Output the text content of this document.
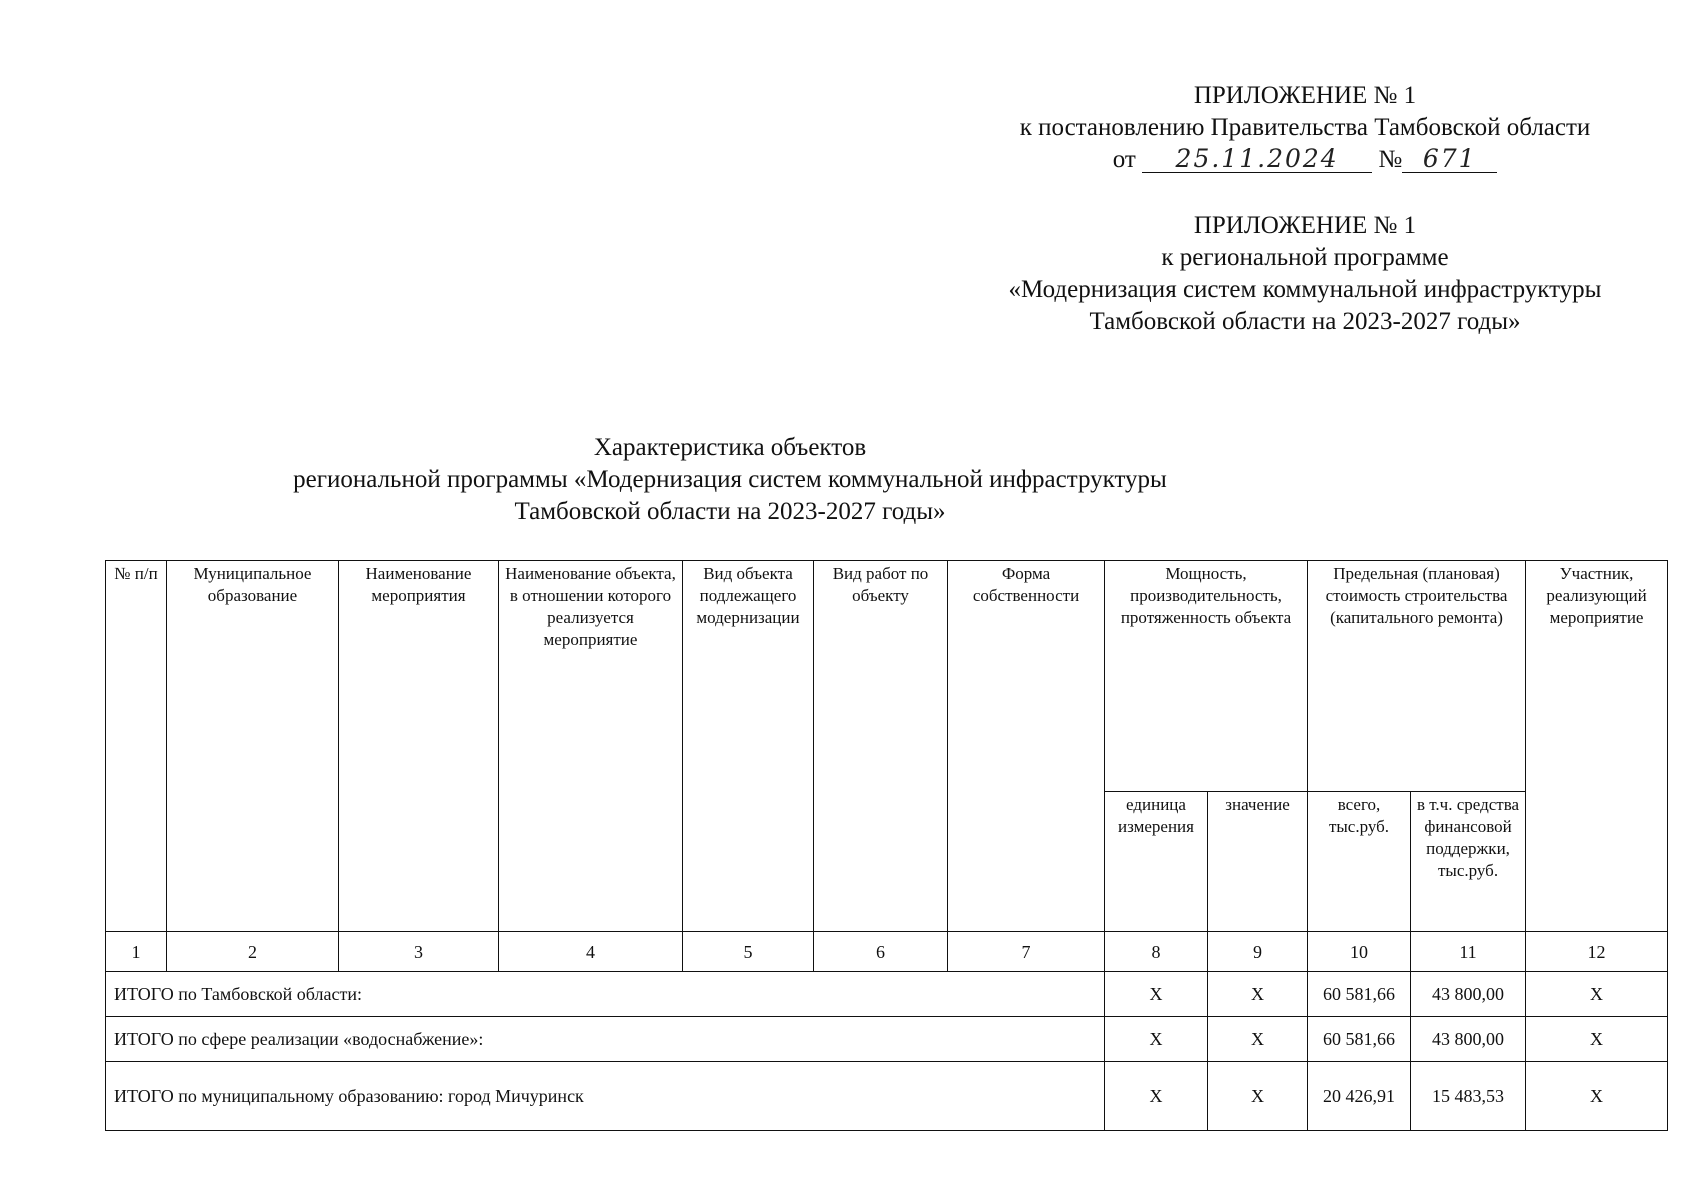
ПРИЛОЖЕНИЕ № 1
к постановлению Правительства Тамбовской области
от 25.11.2024 № 671
ПРИЛОЖЕНИЕ № 1
к региональной программе
«Модернизация систем коммунальной инфраструктуры
Тамбовской области на 2023-2027 годы»
Характеристика объектов
региональной программы «Модернизация систем коммунальной инфраструктуры
Тамбовской области на 2023-2027 годы»
№ п/п	Муниципальное образование	Наименование мероприятия	Наименование объекта, в отношении которого реализуется мероприятие	Вид объекта подлежащего модернизации	Вид работ по объекту	Форма собственности	Мощность, производительность, протяженность объекта		Предельная (плановая) стоимость строительства (капитального ремонта)		Участник, реализующий мероприятие
							единица измерения	значение	всего, тыс.руб.	в т.ч. средства финансовой поддержки, тыс.руб.	
1	2	3	4	5	6	7	8	9	10	11	12
ИТОГО по Тамбовской области:							Х	Х	60 581,66	43 800,00	Х
ИТОГО по сфере реализации «водоснабжение»:							Х	Х	60 581,66	43 800,00	Х
ИТОГО по муниципальному образованию: город Мичуринск							Х	Х	20 426,91	15 483,53	Х
